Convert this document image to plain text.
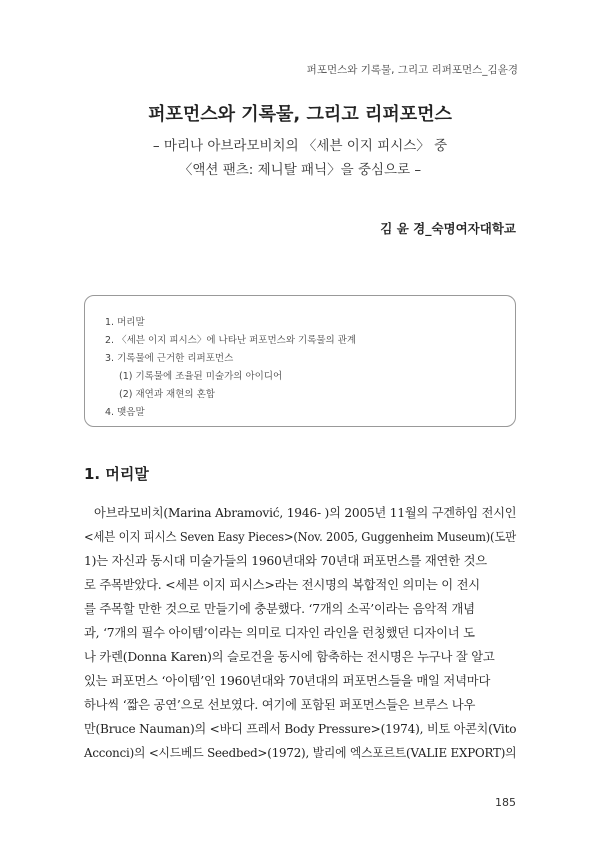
퍼포먼스와 기록물, 그리고 리퍼포먼스_김윤경
퍼포먼스와 기록물, 그리고 리퍼포먼스
– 마리나 아브라모비치의 〈세븐 이지 피시스〉 중
〈액션 팬츠: 제니탈 패닉〉을 중심으로 –
김 윤 경_숙명여자대학교
1. 머리말
2. 〈세븐 이지 피시스〉에 나타난 퍼포먼스와 기록물의 관계
3. 기록물에 근거한 리퍼포먼스
(1) 기록물에 조율된 미술가의 아이디어
(2) 재연과 재현의 혼합
4. 맺음말
1. 머리말
아브라모비치(Marina Abramović, 1946- )의 2005년 11월의 구겐하임 전시인
<세븐 이지 피시스 Seven Easy Pieces>(Nov. 2005, Guggenheim Museum)(도판
1)는 자신과 동시대 미술가들의 1960년대와 70년대 퍼포먼스를 재연한 것으
로 주목받았다. <세븐 이지 피시스>라는 전시명의 복합적인 의미는 이 전시
를 주목할 만한 것으로 만들기에 충분했다. ‘7개의 소곡’이라는 음악적 개념
과, ‘7개의 필수 아이템’이라는 의미로 디자인 라인을 런칭했던 디자이너 도
나 카렌(Donna Karen)의 슬로건을 동시에 함축하는 전시명은 누구나 잘 알고
있는 퍼포먼스 ‘아이템’인 1960년대와 70년대의 퍼포먼스들을 매일 저녁마다
하나씩 ‘짧은 공연’으로 선보였다. 여기에 포함된 퍼포먼스들은 브루스 나우
만(Bruce Nauman)의 <바디 프레서 Body Pressure>(1974), 비토 아콘치(Vito
Acconci)의 <시드베드 Seedbed>(1972), 발리에 엑스포르트(VALIE EXPORT)의
185
